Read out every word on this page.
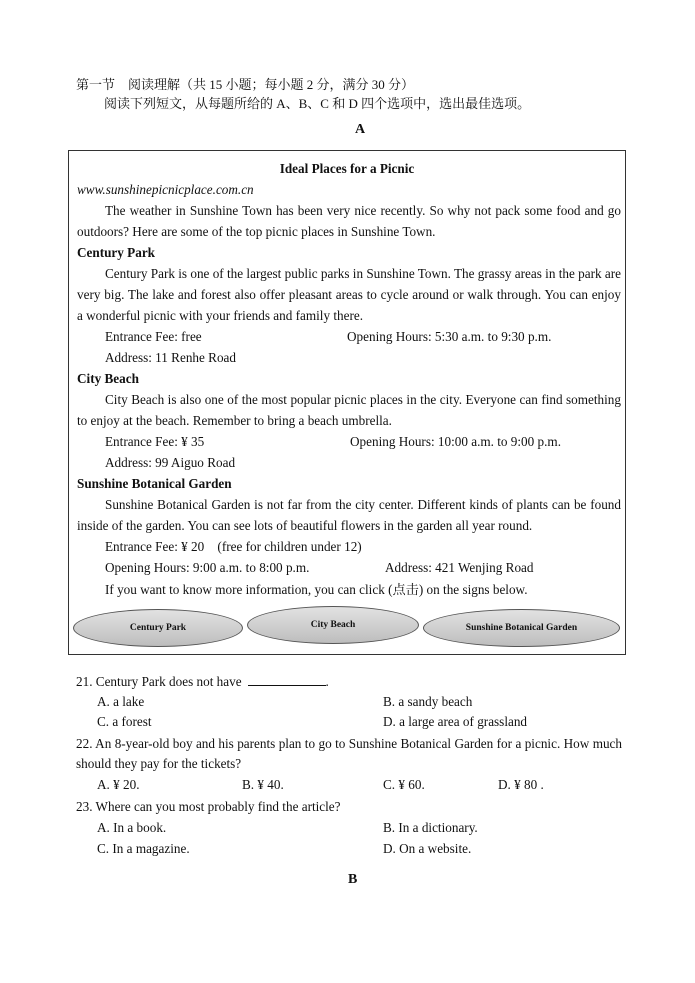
第一节　阅读理解（共 15 小题；每小题 2 分，满分 30 分）
阅读下列短文，从每题所给的 A、B、C 和 D 四个选项中，选出最佳选项。
A
Ideal Places for a Picnic
www.sunshinepicnicplace.com.cn
The weather in Sunshine Town has been very nice recently. So why not pack some food and go outdoors? Here are some of the top picnic places in Sunshine Town.
Century Park
Century Park is one of the largest public parks in Sunshine Town. The grassy areas in the park are very big. The lake and forest also offer pleasant areas to cycle around or walk through. You can enjoy a wonderful picnic with your friends and family there.
Entrance Fee: free	Opening Hours: 5:30 a.m. to 9:30 p.m.
Address: 11 Renhe Road
City Beach
City Beach is also one of the most popular picnic places in the city. Everyone can find something to enjoy at the beach. Remember to bring a beach umbrella.
Entrance Fee: ¥ 35	Opening Hours: 10:00 a.m. to 9:00 p.m.
Address: 99 Aiguo Road
Sunshine Botanical Garden
Sunshine Botanical Garden is not far from the city center. Different kinds of plants can be found inside of the garden. You can see lots of beautiful flowers in the garden all year round.
Entrance Fee: ¥ 20　(free for children under 12)
Opening Hours: 9:00 a.m. to 8:00 p.m.	Address: 421 Wenjing Road
If you want to know more information, you can click (点击) on the signs below.
Century Park	City Beach	Sunshine Botanical Garden
21. Century Park does not have	.
A. a lake	B. a sandy beach
C. a forest	D. a large area of grassland
22. An 8-year-old boy and his parents plan to go to Sunshine Botanical Garden for a picnic. How much should they pay for the tickets?
A. ¥ 20.	B. ¥ 40.	C. ¥ 60.	D. ¥ 80 .
23. Where can you most probably find the article?
A. In a book.	B. In a dictionary.
C. In a magazine.	D. On a website.
B
